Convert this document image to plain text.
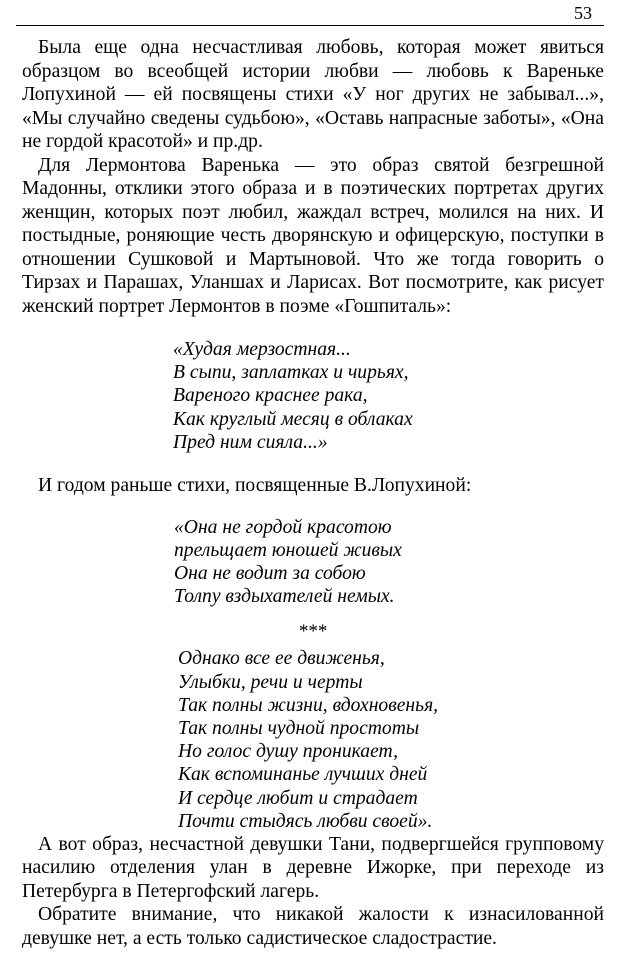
53

Была еще одна несчастливая любовь, которая может явиться образцом во всеобщей истории любви — любовь к Вареньке Лопухиной — ей посвящены стихи «У ног других не забывал...», «Мы случайно сведены судьбою», «Оставь напрасные заботы», «Она не гордой красотой» и пр.др.

Для Лермонтова Варенька — это образ святой безгрешной Мадонны, отклики этого образа и в поэтических портретах других женщин, которых поэт любил, жаждал встреч, молился на них. И постыдные, роняющие честь дворянскую и офицерскую, поступки в отношении Сушковой и Мартыновой. Что же тогда говорить о Тирзах и Парашах, Уланшах и Ларисах. Вот посмотрите, как рисует женский портрет Лермонтов в поэме «Гошпиталь»:

«Худая мерзостная...
В сыпи, заплатках и чирьях,
Вареного краснее рака,
Как круглый месяц в облаках
Пред ним сияла...»

И годом раньше стихи, посвященные В.Лопухиной:

«Она не гордой красотою
прельщает юношей живых
Она не водит за собою
Толпу вздыхателей немых.
***
Однако все ее движенья,
Улыбки, речи и черты
Так полны жизни, вдохновенья,
Так полны чудной простоты
Но голос душу проникает,
Как вспоминанье лучших дней
И сердце любит и страдает
Почти стыдясь любви своей».

А вот образ, несчастной девушки Тани, подвергшейся групповому насилию отделения улан в деревне Ижорке, при переходе из Петербурга в Петергофский лагерь.

Обратите внимание, что никакой жалости к изнасилованной девушке нет, а есть только садистическое сладострастие.
